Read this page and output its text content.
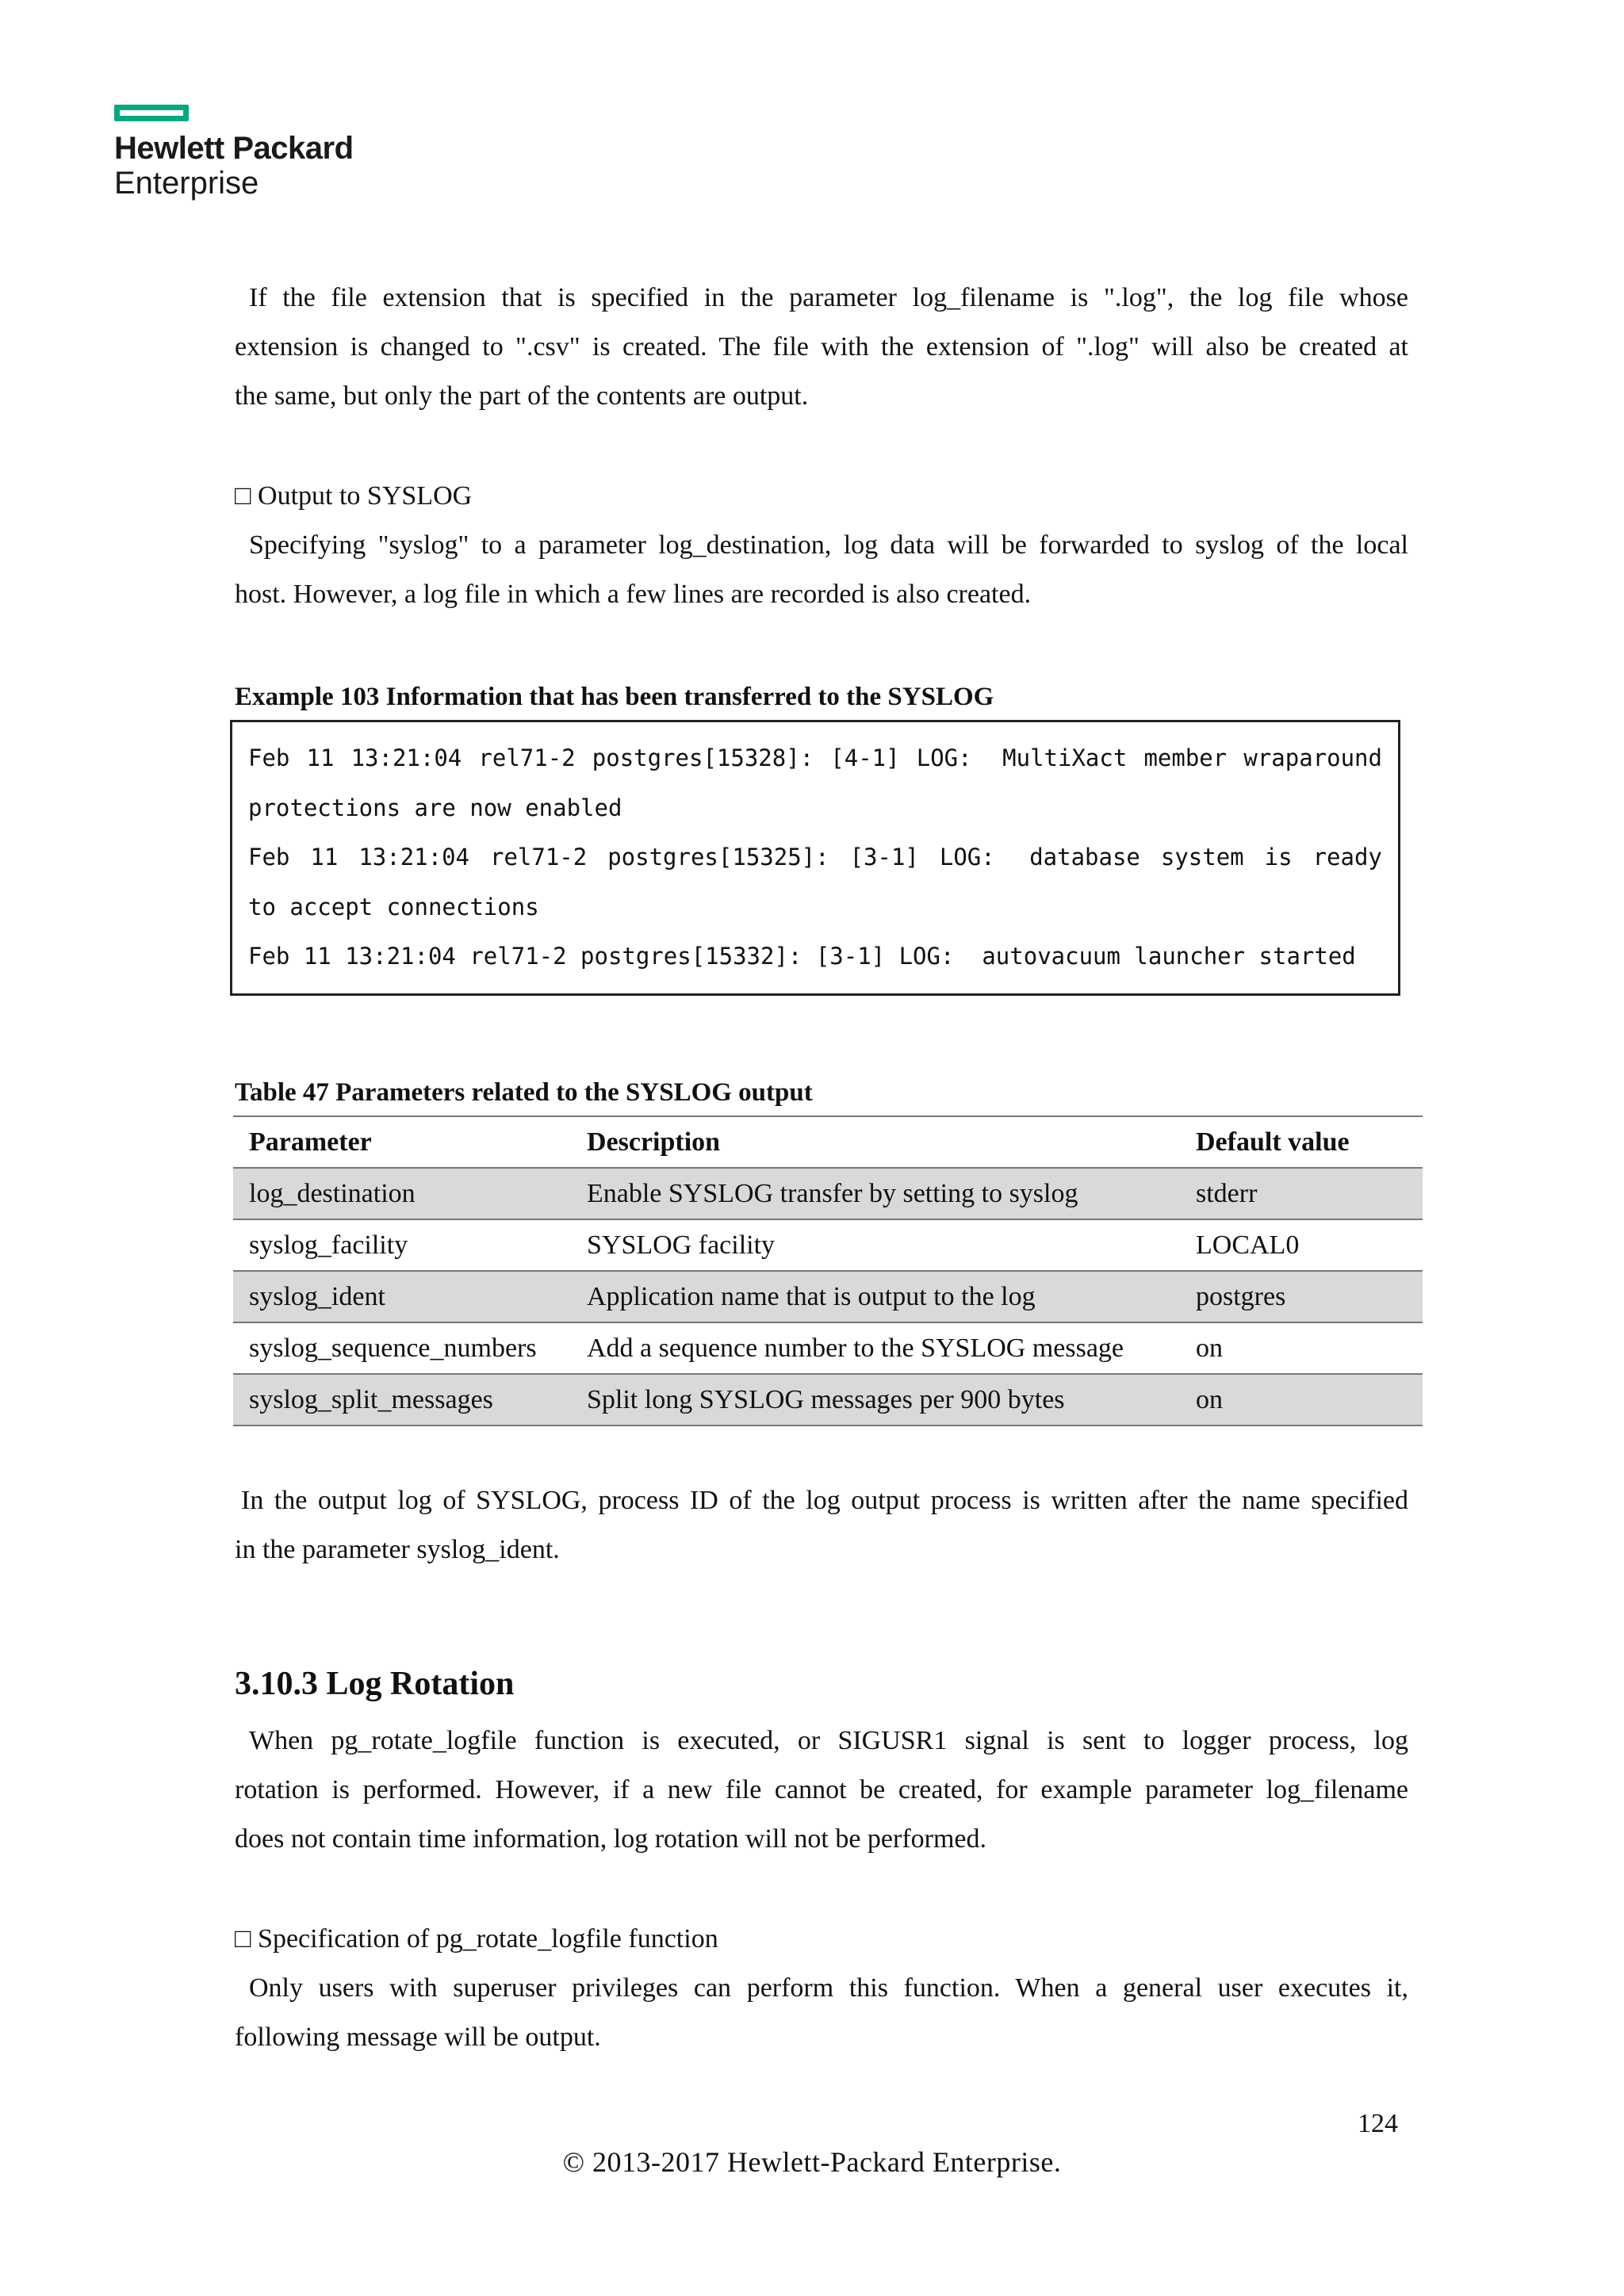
Hewlett Packard
Enterprise

If the file extension that is specified in the parameter log_filename is ".log", the log file whose

extension is changed to ".csv" is created. The file with the extension of ".log" will also be created at

the same, but only the part of the contents are output.

□ Output to SYSLOG

Specifying "syslog" to a parameter log_destination, log data will be forwarded to syslog of the local

host. However, a log file in which a few lines are recorded is also created.

Example 103 Information that has been transferred to the SYSLOG

Feb 11 13:21:04 rel71-2 postgres[15328]: [4-1] LOG: MultiXact member wraparound
protections are now enabled
Feb 11 13:21:04 rel71-2 postgres[15325]: [3-1] LOG: database system is ready
to accept connections
Feb 11 13:21:04 rel71-2 postgres[15332]: [3-1] LOG:  autovacuum launcher started

Table 47 Parameters related to the SYSLOG output

Parameter	Description	Default value
log_destination	Enable SYSLOG transfer by setting to syslog	stderr
syslog_facility	SYSLOG facility	LOCAL0
syslog_ident	Application name that is output to the log	postgres
syslog_sequence_numbers	Add a sequence number to the SYSLOG message	on
syslog_split_messages	Split long SYSLOG messages per 900 bytes	on

In the output log of SYSLOG, process ID of the log output process is written after the name specified

in the parameter syslog_ident.

3.10.3 Log Rotation

When pg_rotate_logfile function is executed, or SIGUSR1 signal is sent to logger process, log

rotation is performed. However, if a new file cannot be created, for example parameter log_filename

does not contain time information, log rotation will not be performed.

□ Specification of pg_rotate_logfile function

Only users with superuser privileges can perform this function. When a general user executes it,

following message will be output.

124
© 2013-2017 Hewlett-Packard Enterprise.
